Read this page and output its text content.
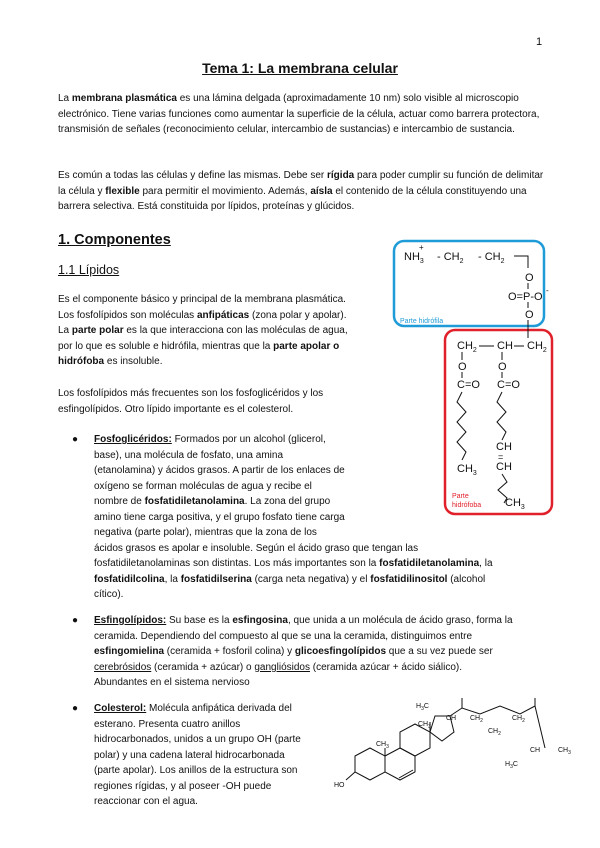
1
Tema 1: La membrana celular
La membrana plasmática es una lámina delgada (aproximadamente 10 nm) solo visible al microscopio electrónico. Tiene varias funciones como aumentar la superficie de la célula, actuar como barrera protectora, transmisión de señales (reconocimiento celular, intercambio de sustancias) e intercambio de sustancia.
Es común a todas las células y define las mismas. Debe ser rígida para poder cumplir su función de delimitar la célula y flexible para permitir el movimiento. Además, aísla el contenido de la célula constituyendo una barrera selectiva. Está constituida por lípidos, proteínas y glúcidos.
1. Componentes
1.1 Lípidos
Es el componente básico y principal de la membrana plasmática. Los fosfolípidos son moléculas anfipáticas (zona polar y apolar). La parte polar es la que interacciona con las moléculas de agua, por lo que es soluble e hidrófila, mientras que la parte apolar o hidrófoba es insoluble.
Los fosfolípidos más frecuentes son los fosfoglicéridos y los esfingolípidos. Otro lípido importante es el colesterol.
● Fosfoglicéridos: Formados por un alcohol (glicerol,
base), una molécula de fosfato, una amina
(etanolamina) y ácidos grasos. A partir de los enlaces de
oxígeno se forman moléculas de agua y recibe el
nombre de fosfatidiletanolamina. La zona del grupo
amino tiene carga positiva, y el grupo fosfato tiene carga
negativa (parte polar), mientras que la zona de los
ácidos grasos es apolar e insoluble. Según el ácido graso que tengan las
fosfatidiletanolaminas son distintas. Los más importantes son la fosfatidiletanolamina, la
fosfatidilcolina, la fosfatidilserina (carga neta negativa) y el fosfatidilinositol (alcohol
cítico).
● Esfingolípidos: Su base es la esfingosina, que unida a un molécula de ácido graso, forma la
ceramida. Dependiendo del compuesto al que se una la ceramida, distinguimos entre
esfingomielina (ceramida + fosforil colina) y glicoesfingolípidos que a su vez puede ser
cerebrósidos (ceramida + azúcar) o gangliósidos (ceramida azúcar + ácido siálico).
Abundantes en el sistema nervioso
● Colesterol: Molécula anfipática derivada del
esterano. Presenta cuatro anillos
hidrocarbonados, unidos a un grupo OH (parte
polar) y una cadena lateral hidrocarbonada
(parte apolar). Los anillos de la estructura son
regiones rígidas, y al poseer -OH puede
reaccionar con el agua.
Parte hidrófila
Parte
hidrófoba
$NH_3$
+
- $CH_2 - CH_2$
O
O=P-O
-
O
$CH_2$ CH $CH_2$
O
C=O
O
C=O
$CH_3$
CH
=
CH
$CH_3$
$H_3C$
$CH_3$
CH $CH_2$
$CH_2$
$CH_2$
CH	$CH_3$
$H_3C$
$CH_3$
HO
